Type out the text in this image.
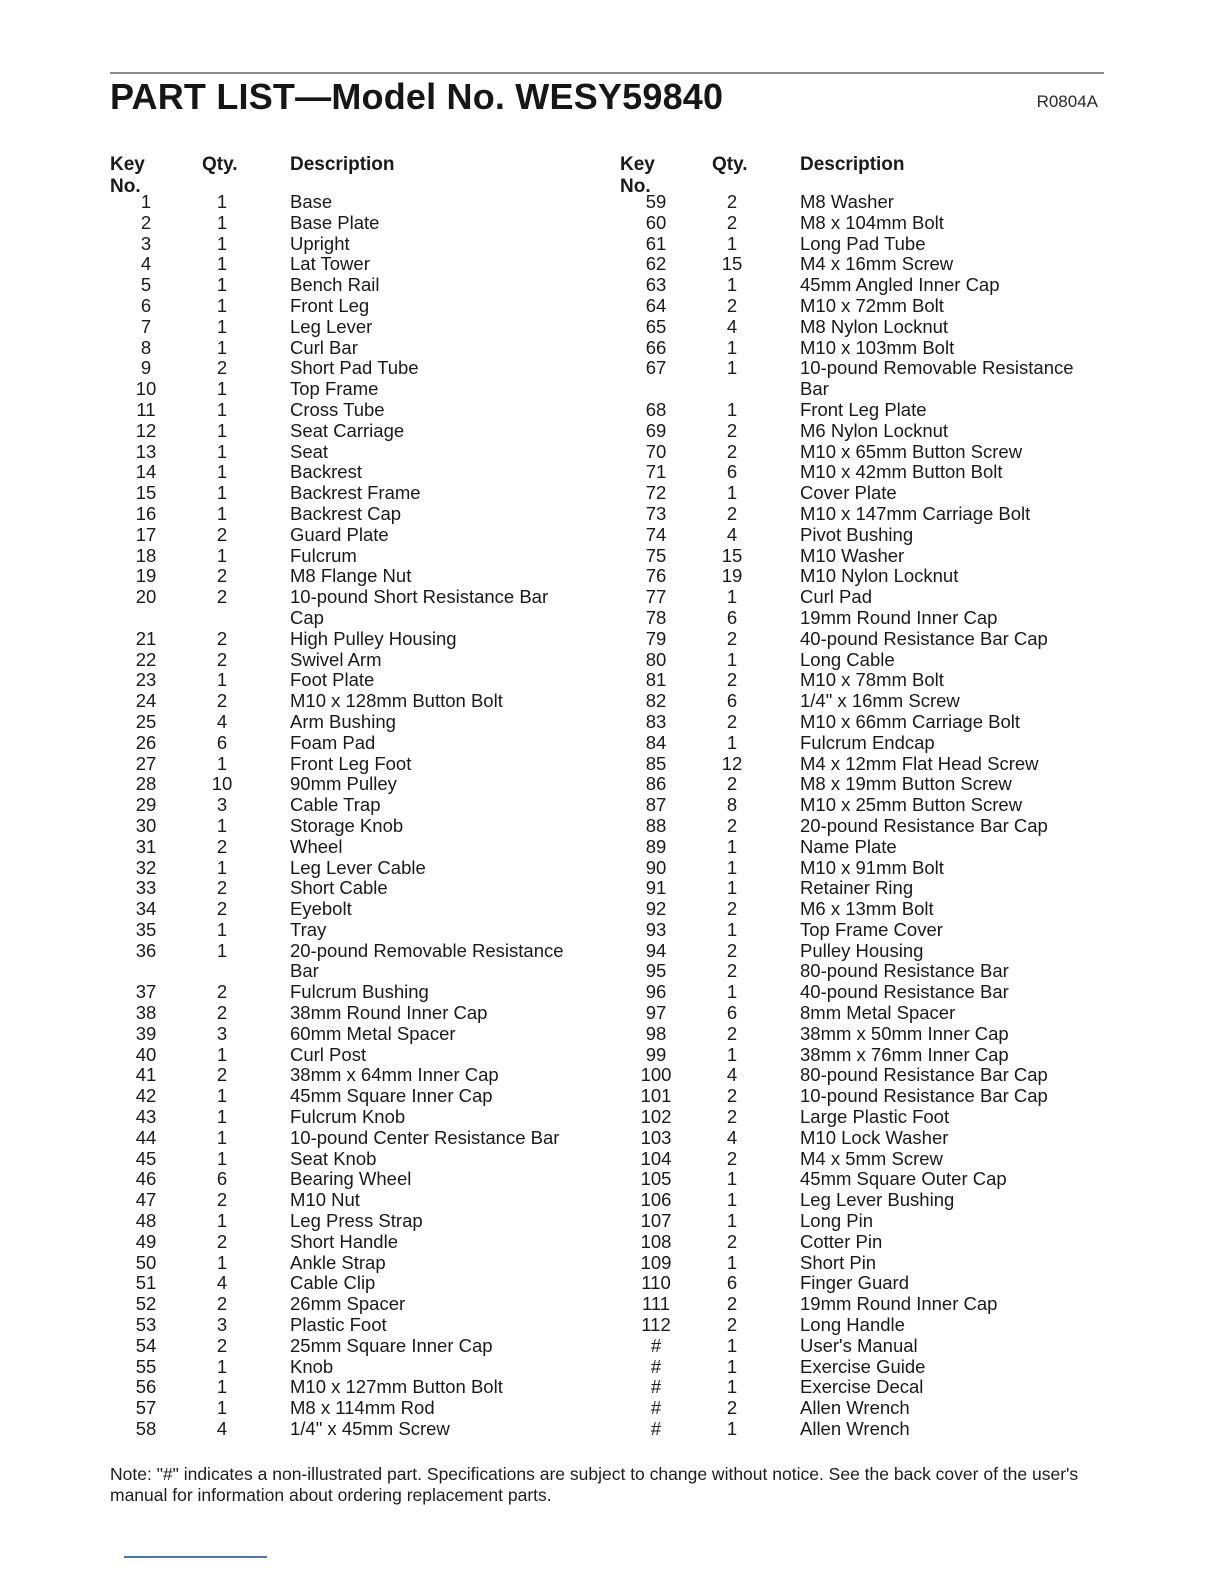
PART LIST—Model No. WESY59840	R0804A
Key No.
Qty.	Description
1	1	Base
2	1	Base Plate
3	1	Upright
4	1	Lat Tower
5	1	Bench Rail
6	1	Front Leg
7	1	Leg Lever
8	1	Curl Bar
9	2	Short Pad Tube
10	1	Top Frame
11	1	Cross Tube
12	1	Seat Carriage
13	1	Seat
14	1	Backrest
15	1	Backrest Frame
16	1	Backrest Cap
17	2	Guard Plate
18	1	Fulcrum
19	2	M8 Flange Nut
20	2	10-pound Short Resistance Bar
Cap
21	2	High Pulley Housing
22	2	Swivel Arm
23	1	Foot Plate
24	2	M10 x 128mm Button Bolt
25	4	Arm Bushing
26	6	Foam Pad
27	1	Front Leg Foot
28	10	90mm Pulley
29	3	Cable Trap
30	1	Storage Knob
31	2	Wheel
32	1	Leg Lever Cable
33	2	Short Cable
34	2	Eyebolt
35	1	Tray
36	1	20-pound Removable Resistance
Bar
37	2	Fulcrum Bushing
38	2	38mm Round Inner Cap
39	3	60mm Metal Spacer
40	1	Curl Post
41	2	38mm x 64mm Inner Cap
42	1	45mm Square Inner Cap
43	1	Fulcrum Knob
44	1	10-pound Center Resistance Bar
45	1	Seat Knob
46	6	Bearing Wheel
47	2	M10 Nut
48	1	Leg Press Strap
49	2	Short Handle
50	1	Ankle Strap
51	4	Cable Clip
52	2	26mm Spacer
53	3	Plastic Foot
54	2	25mm Square Inner Cap
55	1	Knob
56	1	M10 x 127mm Button Bolt
57	1	M8 x 114mm Rod
58	4	1/4" x 45mm Screw
Key No.
Qty.	Description
59	2	M8 Washer
60	2	M8 x 104mm Bolt
61	1	Long Pad Tube
62	15	M4 x 16mm Screw
63	1	45mm Angled Inner Cap
64	2	M10 x 72mm Bolt
65	4	M8 Nylon Locknut
66	1	M10 x 103mm Bolt
67	1	10-pound Removable Resistance
Bar
68	1	Front Leg Plate
69	2	M6 Nylon Locknut
70	2	M10 x 65mm Button Screw
71	6	M10 x 42mm Button Bolt
72	1	Cover Plate
73	2	M10 x 147mm Carriage Bolt
74	4	Pivot Bushing
75	15	M10 Washer
76	19	M10 Nylon Locknut
77	1	Curl Pad
78	6	19mm Round Inner Cap
79	2	40-pound Resistance Bar Cap
80	1	Long Cable
81	2	M10 x 78mm Bolt
82	6	1/4" x 16mm Screw
83	2	M10 x 66mm Carriage Bolt
84	1	Fulcrum Endcap
85	12	M4 x 12mm Flat Head Screw
86	2	M8 x 19mm Button Screw
87	8	M10 x 25mm Button Screw
88	2	20-pound Resistance Bar Cap
89	1	Name Plate
90	1	M10 x 91mm Bolt
91	1	Retainer Ring
92	2	M6 x 13mm Bolt
93	1	Top Frame Cover
94	2	Pulley Housing
95	2	80-pound Resistance Bar
96	1	40-pound Resistance Bar
97	6	8mm Metal Spacer
98	2	38mm x 50mm Inner Cap
99	1	38mm x 76mm Inner Cap
100	4	80-pound Resistance Bar Cap
101	2	10-pound Resistance Bar Cap
102	2	Large Plastic Foot
103	4	M10 Lock Washer
104	2	M4 x 5mm Screw
105	1	45mm Square Outer Cap
106	1	Leg Lever Bushing
107	1	Long Pin
108	2	Cotter Pin
109	1	Short Pin
110	6	Finger Guard
111	2	19mm Round Inner Cap
112	2	Long Handle
#	1	User's Manual
#	1	Exercise Guide
#	1	Exercise Decal
#	2	Allen Wrench
#	1	Allen Wrench
Note: "#" indicates a non-illustrated part. Specifications are subject to change without notice. See the back cover of the user's manual for information about ordering replacement parts.
